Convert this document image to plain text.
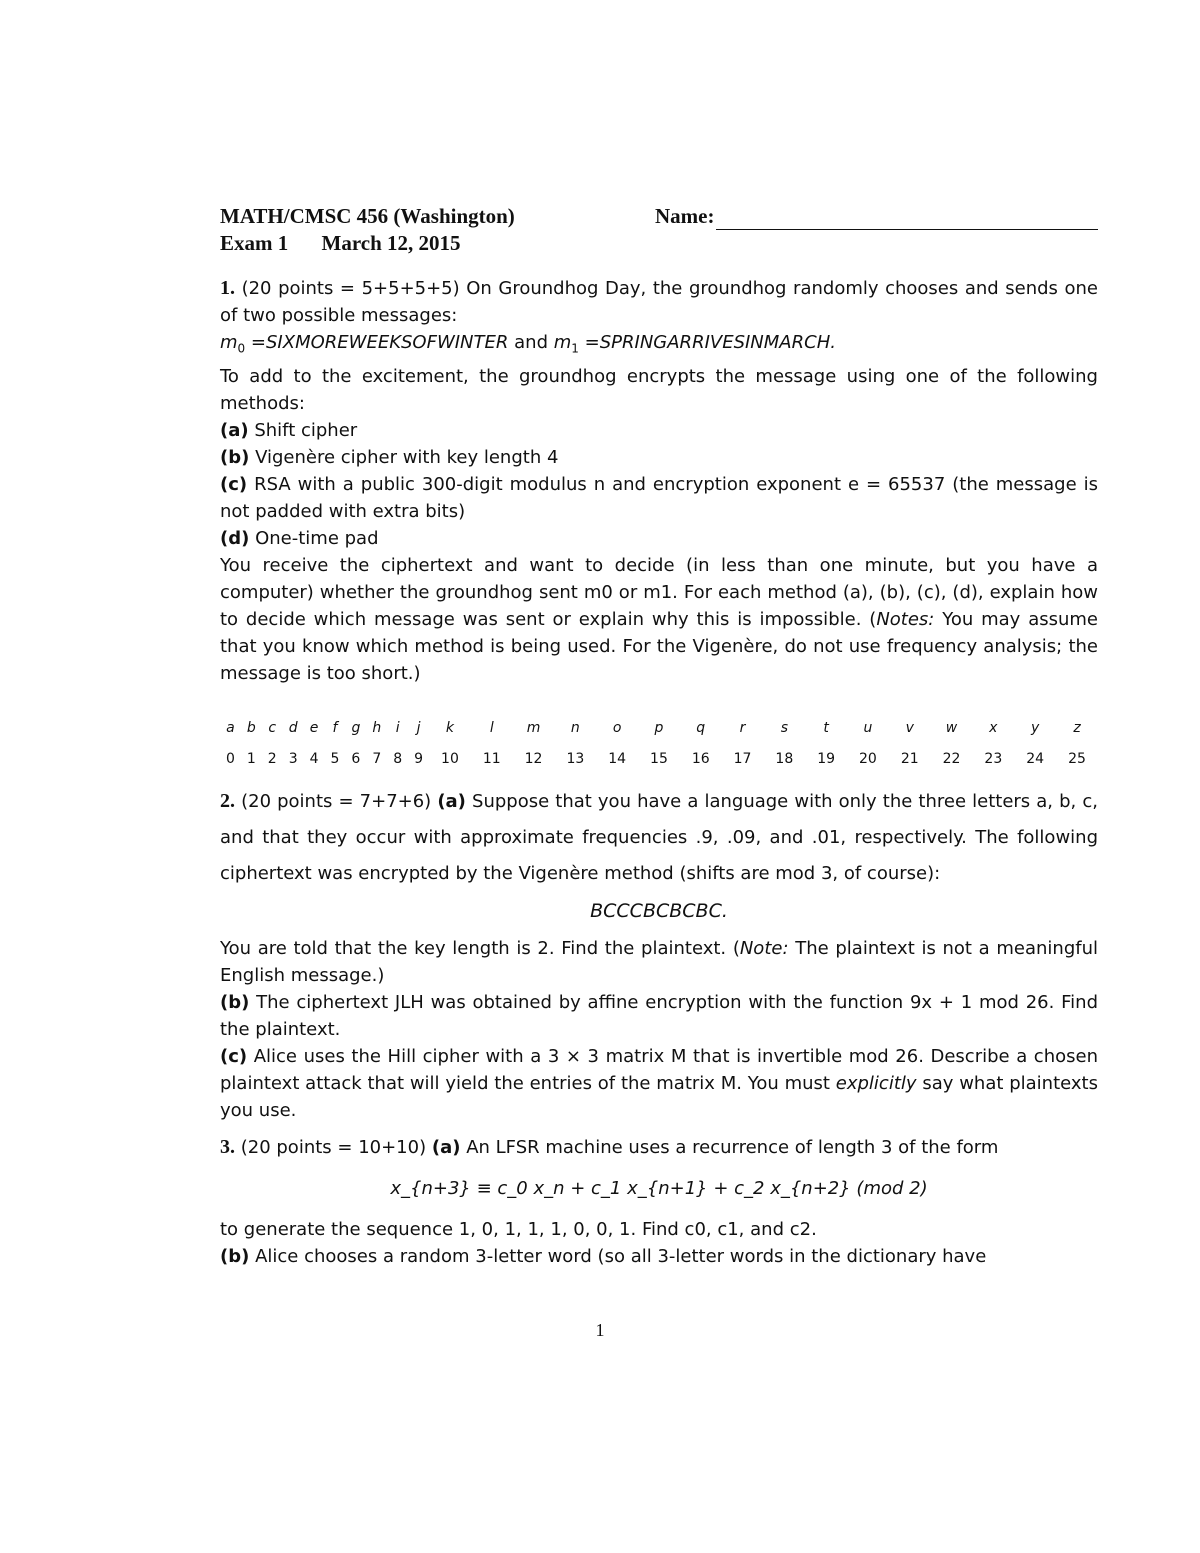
MATH/CMSC 456 (Washington)	Name:
Exam 1 March 12, 2015

1. (20 points = 5+5+5+5) On Groundhog Day, the groundhog randomly chooses and sends one of two possible messages:

$m_0$ =SIXMOREWEEKSOFWINTER and $m_1$ =SPRINGARRIVESINMARCH.

To add to the excitement, the groundhog encrypts the message using one of the following methods:

(a) Shift cipher

(b) Vigenère cipher with key length 4

(c) RSA with a public 300-digit modulus n and encryption exponent e = 65537 (the message is not padded with extra bits)

(d) One-time pad

You receive the ciphertext and want to decide (in less than one minute, but you have a computer) whether the groundhog sent m0 or m1. For each method (a), (b), (c), (d), explain how to decide which message was sent or explain why this is impossible. (Notes: You may assume that you know which method is being used. For the Vigenère, do not use frequency analysis; the message is too short.)

a	b	c	d	e	f	g	h	i	j	k	l	m	n	o	p	q	r	s	t	u	v	w	x	y	z
0	1	2	3	4	5	6	7	8	9	10	11	12	13	14	15	16	17	18	19	20	21	22	23	24	25

2. (20 points = 7+7+6) (a) Suppose that you have a language with only the three letters a, b, c, and that they occur with approximate frequencies .9, .09, and .01, respectively. The following ciphertext was encrypted by the Vigenère method (shifts are mod 3, of course):

BCCCBCBCBC.

You are told that the key length is 2. Find the plaintext. (Note: The plaintext is not a meaningful English message.)

(b) The ciphertext JLH was obtained by affine encryption with the function 9x + 1 mod 26. Find the plaintext.

(c) Alice uses the Hill cipher with a 3 × 3 matrix M that is invertible mod 26. Describe a chosen plaintext attack that will yield the entries of the matrix M. You must explicitly say what plaintexts you use.

3. (20 points = 10+10) (a) An LFSR machine uses a recurrence of length 3 of the form

x_{n+3} ≡ c_0 x_n + c_1 x_{n+1} + c_2 x_{n+2} (mod 2)

to generate the sequence 1, 0, 1, 1, 1, 0, 0, 1. Find c0, c1, and c2.

(b) Alice chooses a random 3-letter word (so all 3-letter words in the dictionary have

1
